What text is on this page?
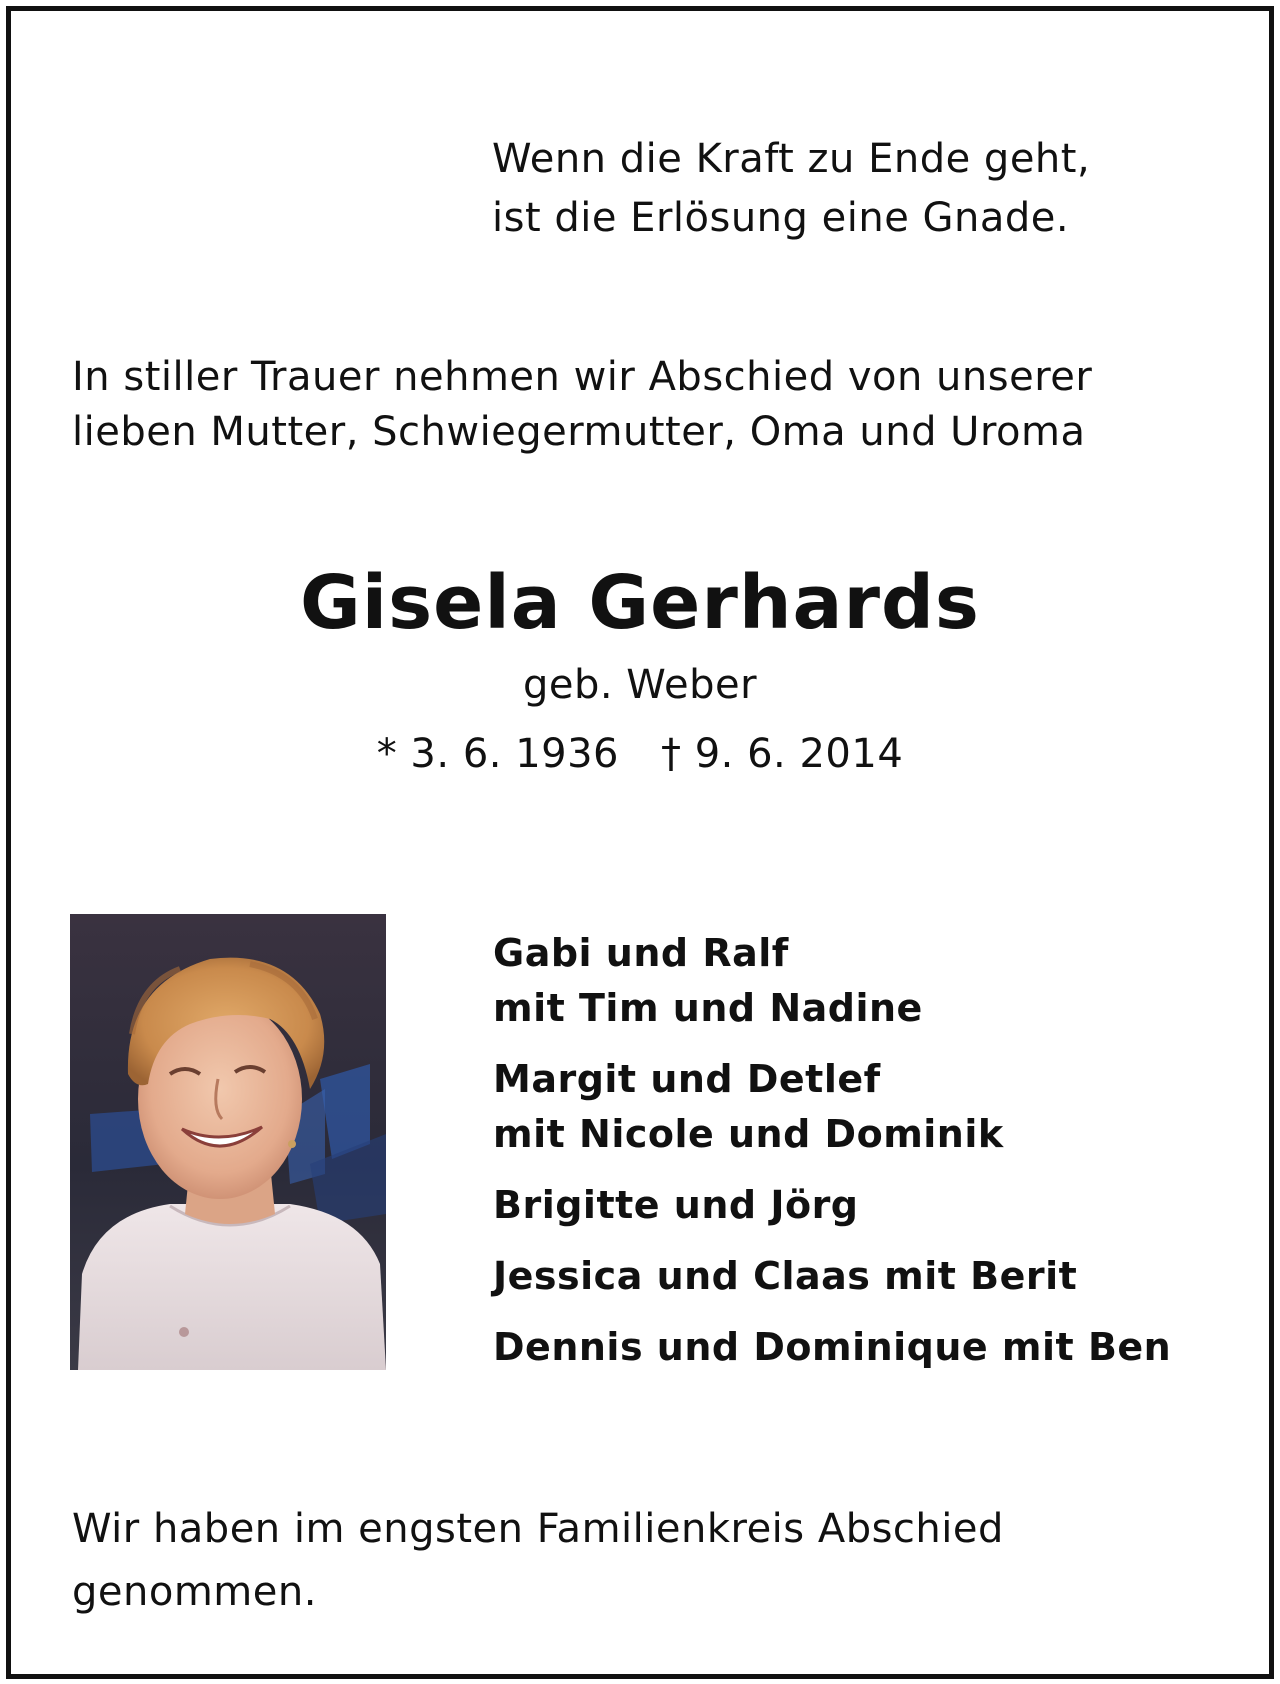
Wenn die Kraft zu Ende geht,
ist die Erlösung eine Gnade.

In stiller Trauer nehmen wir Abschied von unserer
lieben Mutter, Schwiegermutter, Oma und Uroma

Gisela Gerhards

geb. Weber

* 3. 6. 1936 † 9. 6. 2014

Gabi und Ralf
mit Tim und Nadine

Margit und Detlef
mit Nicole und Dominik

Brigitte und Jörg

Jessica und Claas mit Berit

Dennis und Dominique mit Ben

Wir haben im engsten Familienkreis Abschied
genommen.
